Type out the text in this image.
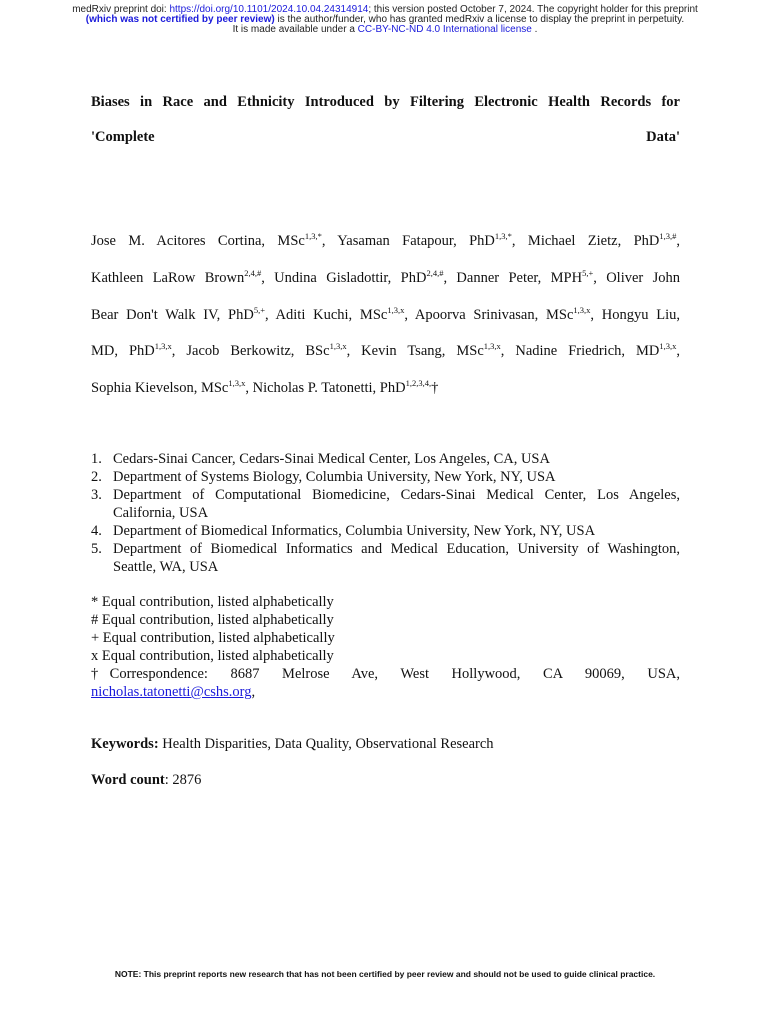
medRxiv preprint doi: https://doi.org/10.1101/2024.10.04.24314914; this version posted October 7, 2024. The copyright holder for this preprint
(which was not certified by peer review) is the author/funder, who has granted medRxiv a license to display the preprint in perpetuity.
It is made available under a CC-BY-NC-ND 4.0 International license .
Biases in Race and Ethnicity Introduced by Filtering Electronic Health Records for
'Complete	Data'
Jose M. Acitores Cortina, MSc$^{1,3,*}$, Yasaman Fatapour, PhD$^{1,3,*}$, Michael Zietz, PhD$^{1,3,\#}$,
Kathleen LaRow Brown$^{2,4,\#}$, Undina Gisladottir, PhD$^{2,4,\#}$, Danner Peter, $MPH^{5,+}$, Oliver John
Bear Don't Walk IV, PhD$^{5,+}$, Aditi Kuchi, MSc$^{1,3,x}$, Apoorva Srinivasan, MSc$^{1,3,x}$, Hongyu Liu,
MD, PhD$^{1,3,x}$, Jacob Berkowitz, BSc$^{1,3,x}$, Kevin Tsang, MSc$^{1,3,x}$, Nadine Friedrich, MD$^{1,3,x}$,
Sophia Kievelson, MSc$^{1,3,x}$, Nicholas P. Tatonetti, PhD$^{1,2,3,4,}$†
1. Cedars-Sinai Cancer, Cedars-Sinai Medical Center, Los Angeles, CA, USA
2. Department of Systems Biology, Columbia University, New York, NY, USA
3. Department of Computational Biomedicine, Cedars-Sinai Medical Center, Los Angeles, California, USA
4. Department of Biomedical Informatics, Columbia University, New York, NY, USA
5. Department of Biomedical Informatics and Medical Education, University of Washington, Seattle, WA, USA
* Equal contribution, listed alphabetically
# Equal contribution, listed alphabetically
+ Equal contribution, listed alphabetically
x Equal contribution, listed alphabetically
† Correspondence:   8687   Melrose   Ave,   West   Hollywood,   CA   90069,   USA,
nicholas.tatonetti@cshs.org,
Keywords: Health Disparities, Data Quality, Observational Research
Word count: 2876
NOTE: This preprint reports new research that has not been certified by peer review and should not be used to guide clinical practice.
